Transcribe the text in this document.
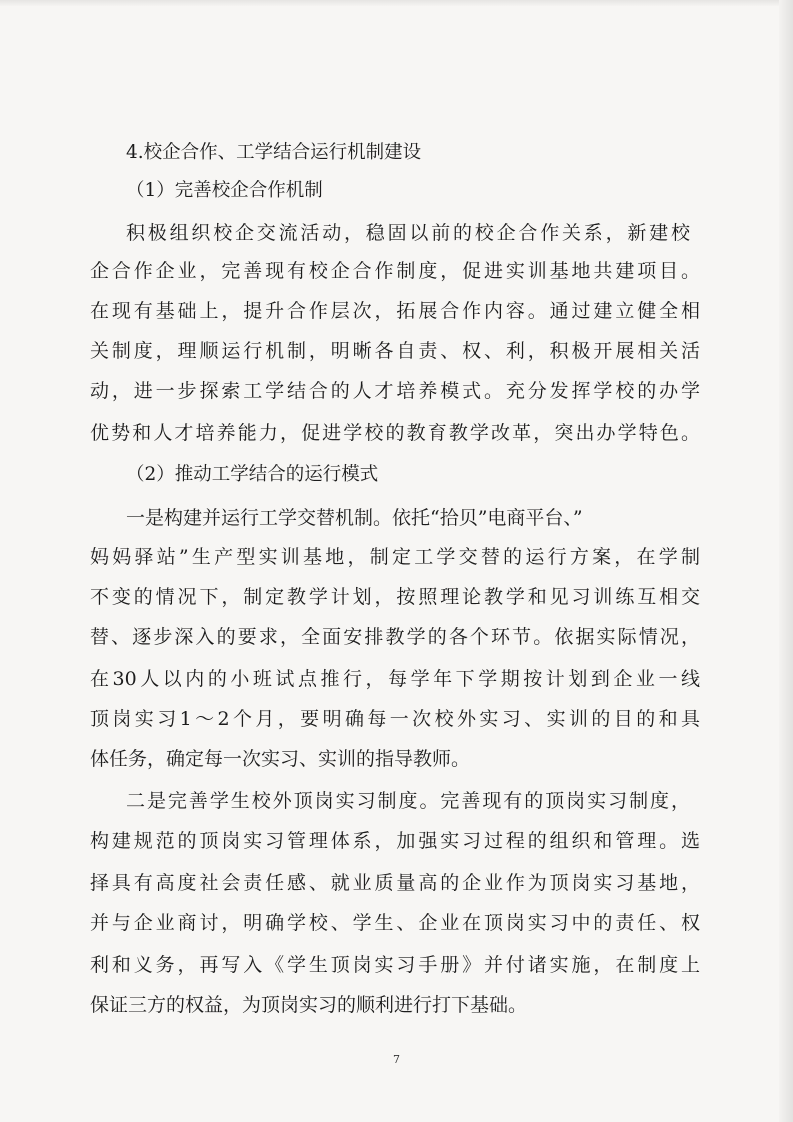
4.校企合作、工学结合运行机制建设
（1）完善校企合作机制
积极组织校企交流活动，稳固以前的校企合作关系，新建校
企合作企业，完善现有校企合作制度，促进实训基地共建项目。
在现有基础上，提升合作层次，拓展合作内容。通过建立健全相
关制度，理顺运行机制，明晰各自责、权、利，积极开展相关活
动，进一步探索工学结合的人才培养模式。充分发挥学校的办学
优势和人才培养能力，促进学校的教育教学改革，突出办学特色。
（2）推动工学结合的运行模式
一是构建并运行工学交替机制。依托“拾贝”电商平台、”
妈妈驿站”生产型实训基地，制定工学交替的运行方案，在学制
不变的情况下，制定教学计划，按照理论教学和见习训练互相交
替、逐步深入的要求，全面安排教学的各个环节。依据实际情况，
在30人以内的小班试点推行，每学年下学期按计划到企业一线
顶岗实习1～2个月，要明确每一次校外实习、实训的目的和具
体任务，确定每一次实习、实训的指导教师。
二是完善学生校外顶岗实习制度。完善现有的顶岗实习制度，
构建规范的顶岗实习管理体系，加强实习过程的组织和管理。选
择具有高度社会责任感、就业质量高的企业作为顶岗实习基地，
并与企业商讨，明确学校、学生、企业在顶岗实习中的责任、权
利和义务，再写入《学生顶岗实习手册》并付诸实施，在制度上
保证三方的权益，为顶岗实习的顺利进行打下基础。
7
